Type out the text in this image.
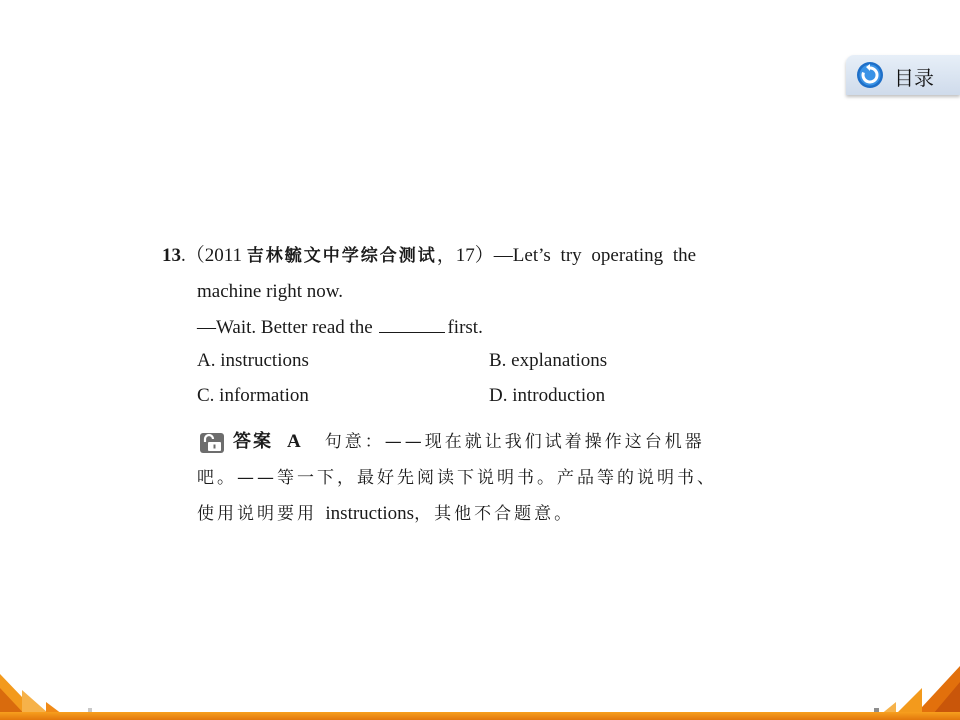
目录
13.（2011 吉林毓文中学综合测试，17）—Let’s try operating the
machine right now.
—Wait. Better read the	first.
A. instructions	B. explanations
C. information	D. introduction
答案 A 句意：——现在就让我们试着操作这台机器
吧。——等一下，最好先阅读下说明书。产品等的说明书、
使用说明要用 instructions，其他不合题意。
